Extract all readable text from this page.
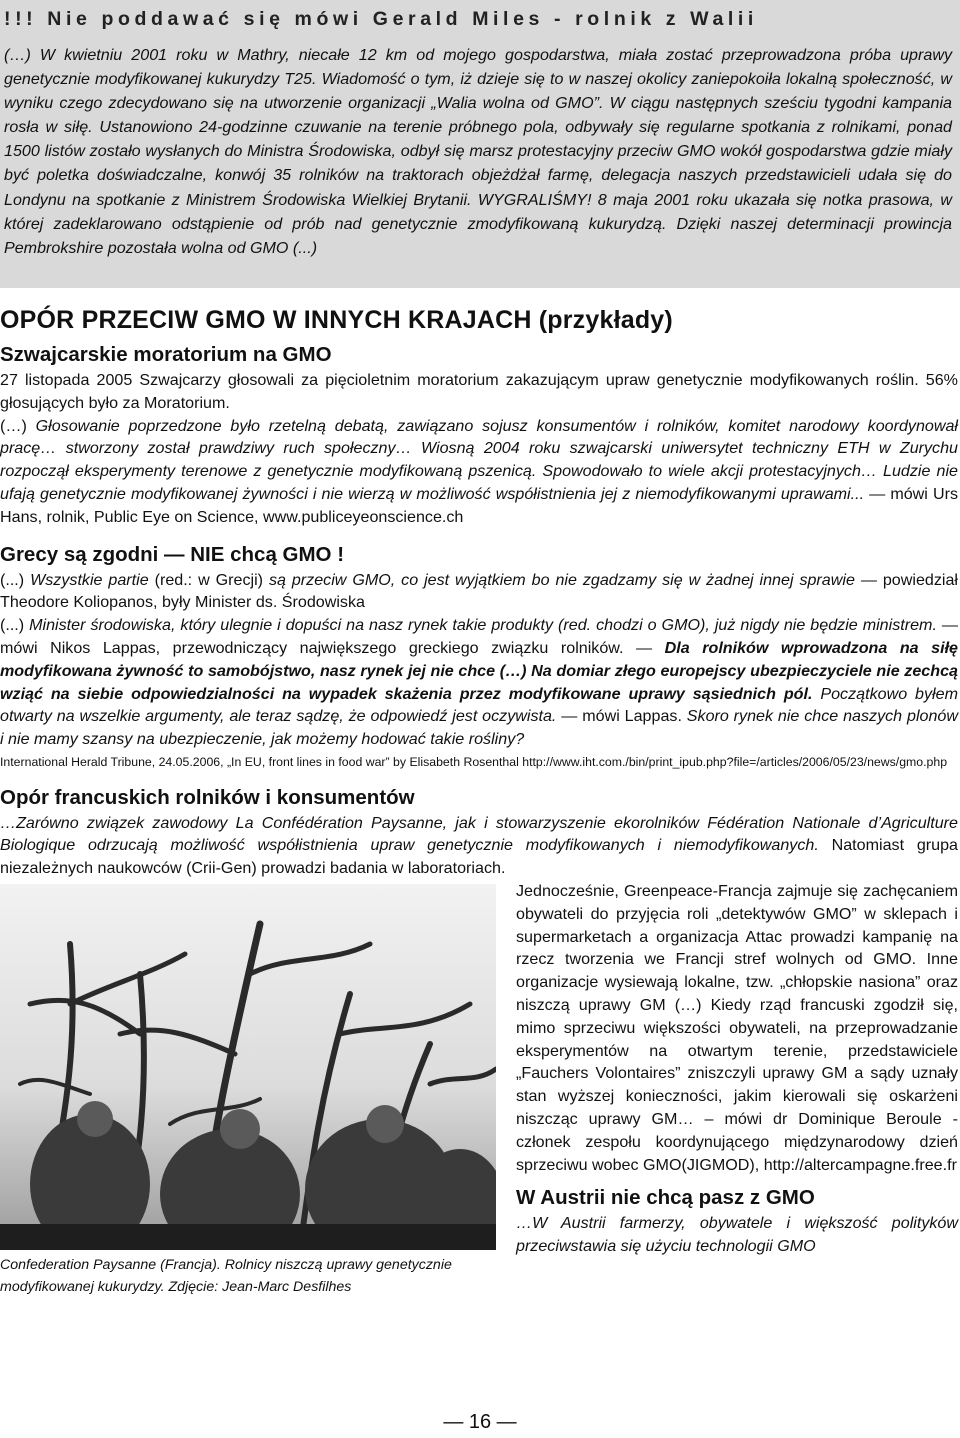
!!! Nie poddawać się mówi Gerald Miles - rolnik z Walii

(…) W kwietniu 2001 roku w Mathry, niecałe 12 km od mojego gospodarstwa, miała zostać przeprowadzona próba uprawy genetycznie modyfikowanej kukurydzy T25. Wiadomość o tym, iż dzieje się to w naszej okolicy zaniepokoiła lokalną społeczność, w wyniku czego zdecydowano się na utworzenie organizacji „Walia wolna od GMO”. W ciągu następnych sześciu tygodni kampania rosła w siłę. Ustanowiono 24-godzinne czuwanie na terenie próbnego pola, odbywały się regularne spotkania z rolnikami, ponad 1500 listów zostało wysłanych do Ministra Środowiska, odbył się marsz protestacyjny przeciw GMO wokół gospodarstwa gdzie miały być poletka doświadczalne, konwój 35 rolników na traktorach objeżdżał farmę, delegacja naszych przedstawicieli udała się do Londynu na spotkanie z Ministrem Środowiska Wielkiej Brytanii. WYGRALIŚMY! 8 maja 2001 roku ukazała się notka prasowa, w której zadeklarowano odstąpienie od prób nad genetycznie zmodyfikowaną kukurydzą. Dzięki naszej determinacji prowincja Pembrokshire pozostała wolna od GMO (...)

OPÓR PRZECIW GMO W INNYCH KRAJACH (przykłady)
Szwajcarskie moratorium na GMO

27 listopada 2005 Szwajcarzy głosowali za pięcioletnim moratorium zakazującym upraw genetycznie modyfikowanych roślin. 56% głosujących było za Moratorium.

(…) Głosowanie poprzedzone było rzetelną debatą, zawiązano sojusz konsumentów i rolników, komitet narodowy koordynował pracę… stworzony został prawdziwy ruch społeczny… Wiosną 2004 roku szwajcarski uniwersytet techniczny ETH w Zurychu rozpoczął eksperymenty terenowe z genetycznie modyfikowaną pszenicą. Spowodowało to wiele akcji protestacyjnych… Ludzie nie ufają genetycznie modyfikowanej żywności i nie wierzą w możliwość współistnienia jej z niemodyfikowanymi uprawami... — mówi Urs Hans, rolnik, Public Eye on Science, www.publiceyeonscience.ch

Grecy są zgodni — NIE chcą GMO !

(...) Wszystkie partie (red.: w Grecji) są przeciw GMO, co jest wyjątkiem bo nie zgadzamy się w żadnej innej sprawie — powiedział Theodore Koliopanos, były Minister ds. Środowiska

(...) Minister środowiska, który ulegnie i dopuści na nasz rynek takie produkty (red. chodzi o GMO), już nigdy nie będzie ministrem. — mówi Nikos Lappas, przewodniczący największego greckiego związku rolników. — Dla rolników wprowadzona na siłę modyfikowana żywność to samobójstwo, nasz rynek jej nie chce (…) Na domiar złego europejscy ubezpieczyciele nie zechcą wziąć na siebie odpowiedzialności na wypadek skażenia przez modyfikowane uprawy sąsiednich pól. Początkowo byłem otwarty na wszelkie argumenty, ale teraz sądzę, że odpowiedź jest oczywista. — mówi Lappas. Skoro rynek nie chce naszych plonów i nie mamy szansy na ubezpieczenie, jak możemy hodować takie rośliny?

International Herald Tribune, 24.05.2006, „In EU, front lines in food war” by Elisabeth Rosenthal http://www.iht.com./bin/print_ipub.php?file=/articles/2006/05/23/news/gmo.php

Opór francuskich rolników i konsumentów

…Zarówno związek zawodowy La Confédération Paysanne, jak i stowarzyszenie ekorolników Fédération Nationale d’Agriculture Biologique odrzucają możliwość współistnienia upraw genetycznie modyfikowanych i niemodyfikowanych. Natomiast grupa niezależnych naukowców (Crii-Gen) prowadzi badania w laboratoriach.

Confederation Paysanne (Francja). Rolnicy niszczą uprawy genetycznie modyfikowanej kukurydzy. Zdjęcie: Jean-Marc Desfilhes

Jednocześnie, Greenpeace-Francja zajmuje się zachęcaniem obywateli do przyjęcia roli „detektywów GMO” w sklepach i supermarketach a organizacja Attac prowadzi kampanię na rzecz tworzenia we Francji stref wolnych od GMO. Inne organizacje wysiewają lokalne, tzw. „chłopskie nasiona” oraz niszczą uprawy GM (…) Kiedy rząd francuski zgodził się, mimo sprzeciwu większości obywateli, na przeprowadzanie eksperymentów na otwartym terenie, przedstawiciele „Fauchers Volontaires” zniszczyli uprawy GM a sądy uznały stan wyższej konieczności, jakim kierowali się oskarżeni niszcząc uprawy GM… – mówi dr Dominique Beroule - członek zespołu koordynującego międzynarodowy dzień sprzeciwu wobec GMO(JIGMOD), http://altercampagne.free.fr

W Austrii nie chcą pasz z GMO

…W Austrii farmerzy, obywatele i większość polityków przeciwstawia się użyciu technologii GMO

— 16 —
